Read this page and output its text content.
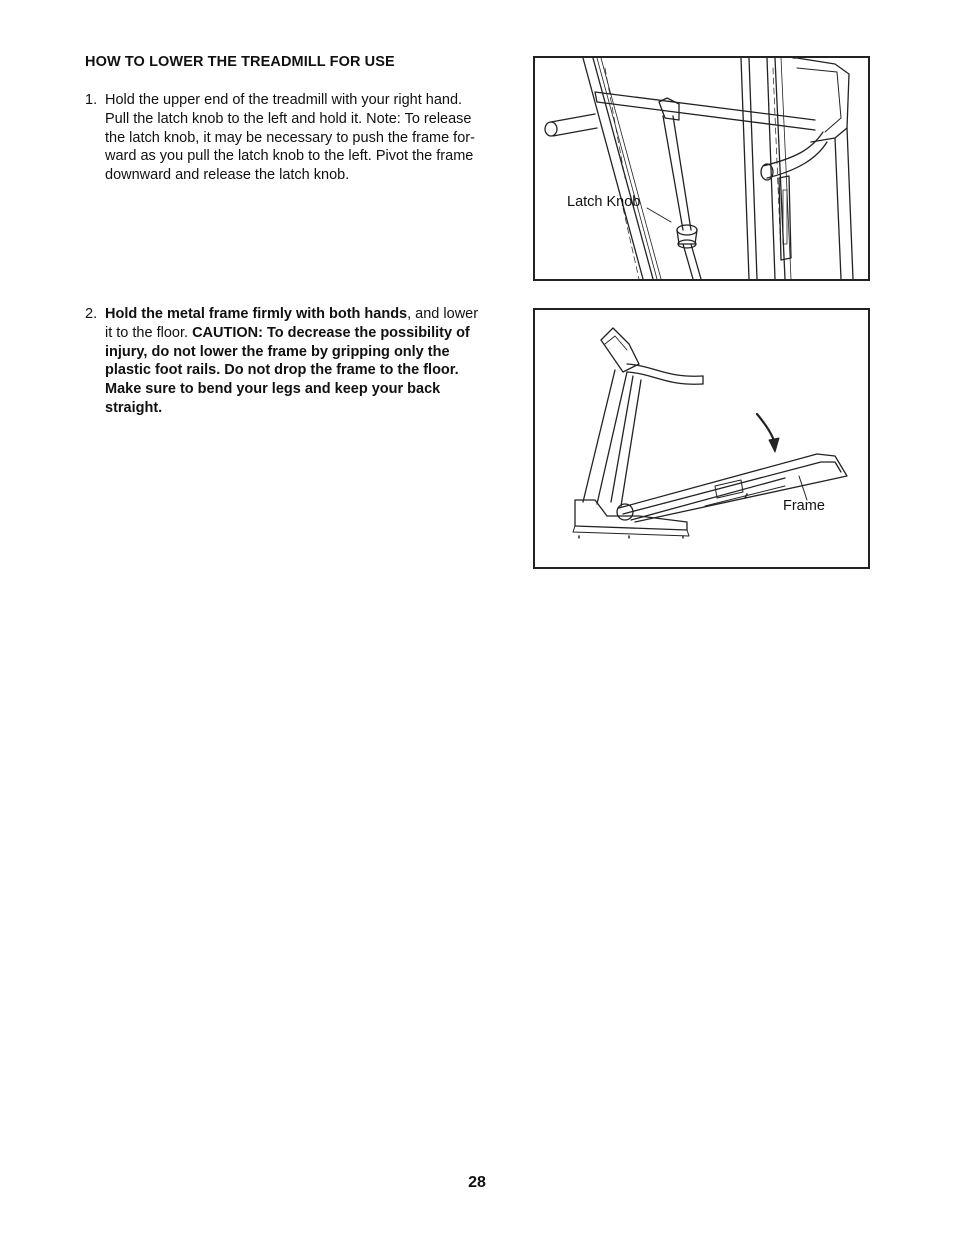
HOW TO LOWER THE TREADMILL FOR USE
1. Hold the upper end of the treadmill with your right hand.
Pull the latch knob to the left and hold it. Note: To release
the latch knob, it may be necessary to push the frame for-
ward as you pull the latch knob to the left. Pivot the frame
downward and release the latch knob.
2. Hold the metal frame firmly with both hands, and lower
it to the floor. CAUTION: To decrease the possibility of
injury, do not lower the frame by gripping only the
plastic foot rails. Do not drop the frame to the floor.
Make sure to bend your legs and keep your back
straight.
Latch Knob
Frame
28
